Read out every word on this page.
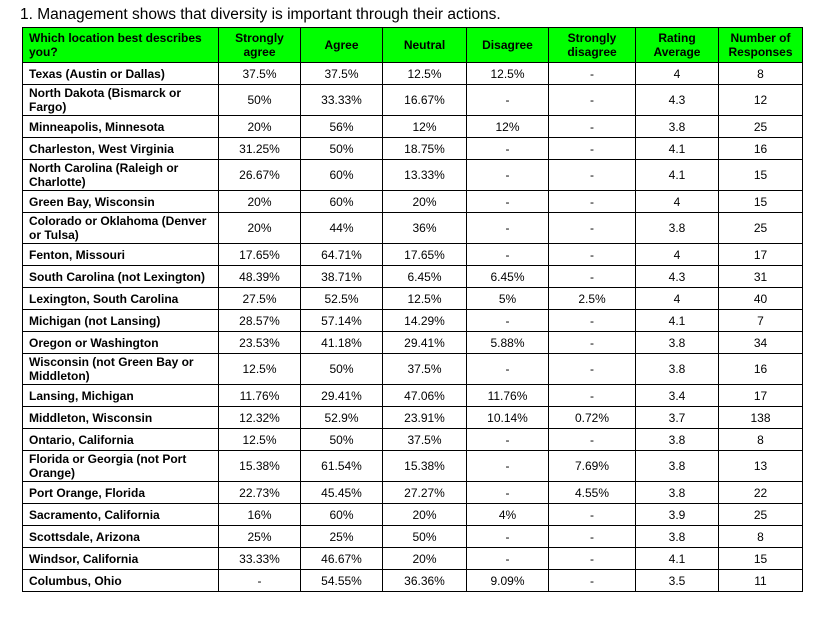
1. Management shows that diversity is important through their actions.
Which location best describes you?	Strongly agree	Agree	Neutral	Disagree	Strongly disagree	Rating Average	Number of Responses
Texas (Austin or Dallas)	37.5%	37.5%	12.5%	12.5%	-	4	8
North Dakota (Bismarck or Fargo)	50%	33.33%	16.67%	-	-	4.3	12
Minneapolis, Minnesota	20%	56%	12%	12%	-	3.8	25
Charleston, West Virginia	31.25%	50%	18.75%	-	-	4.1	16
North Carolina (Raleigh or Charlotte)	26.67%	60%	13.33%	-	-	4.1	15
Green Bay, Wisconsin	20%	60%	20%	-	-	4	15
Colorado or Oklahoma (Denver or Tulsa)	20%	44%	36%	-	-	3.8	25
Fenton, Missouri	17.65%	64.71%	17.65%	-	-	4	17
South Carolina (not Lexington)	48.39%	38.71%	6.45%	6.45%	-	4.3	31
Lexington, South Carolina	27.5%	52.5%	12.5%	5%	2.5%	4	40
Michigan (not Lansing)	28.57%	57.14%	14.29%	-	-	4.1	7
Oregon or Washington	23.53%	41.18%	29.41%	5.88%	-	3.8	34
Wisconsin (not Green Bay or Middleton)	12.5%	50%	37.5%	-	-	3.8	16
Lansing, Michigan	11.76%	29.41%	47.06%	11.76%	-	3.4	17
Middleton, Wisconsin	12.32%	52.9%	23.91%	10.14%	0.72%	3.7	138
Ontario, California	12.5%	50%	37.5%	-	-	3.8	8
Florida or Georgia (not Port Orange)	15.38%	61.54%	15.38%	-	7.69%	3.8	13
Port Orange, Florida	22.73%	45.45%	27.27%	-	4.55%	3.8	22
Sacramento, California	16%	60%	20%	4%	-	3.9	25
Scottsdale, Arizona	25%	25%	50%	-	-	3.8	8
Windsor, California	33.33%	46.67%	20%	-	-	4.1	15
Columbus, Ohio	-	54.55%	36.36%	9.09%	-	3.5	11
